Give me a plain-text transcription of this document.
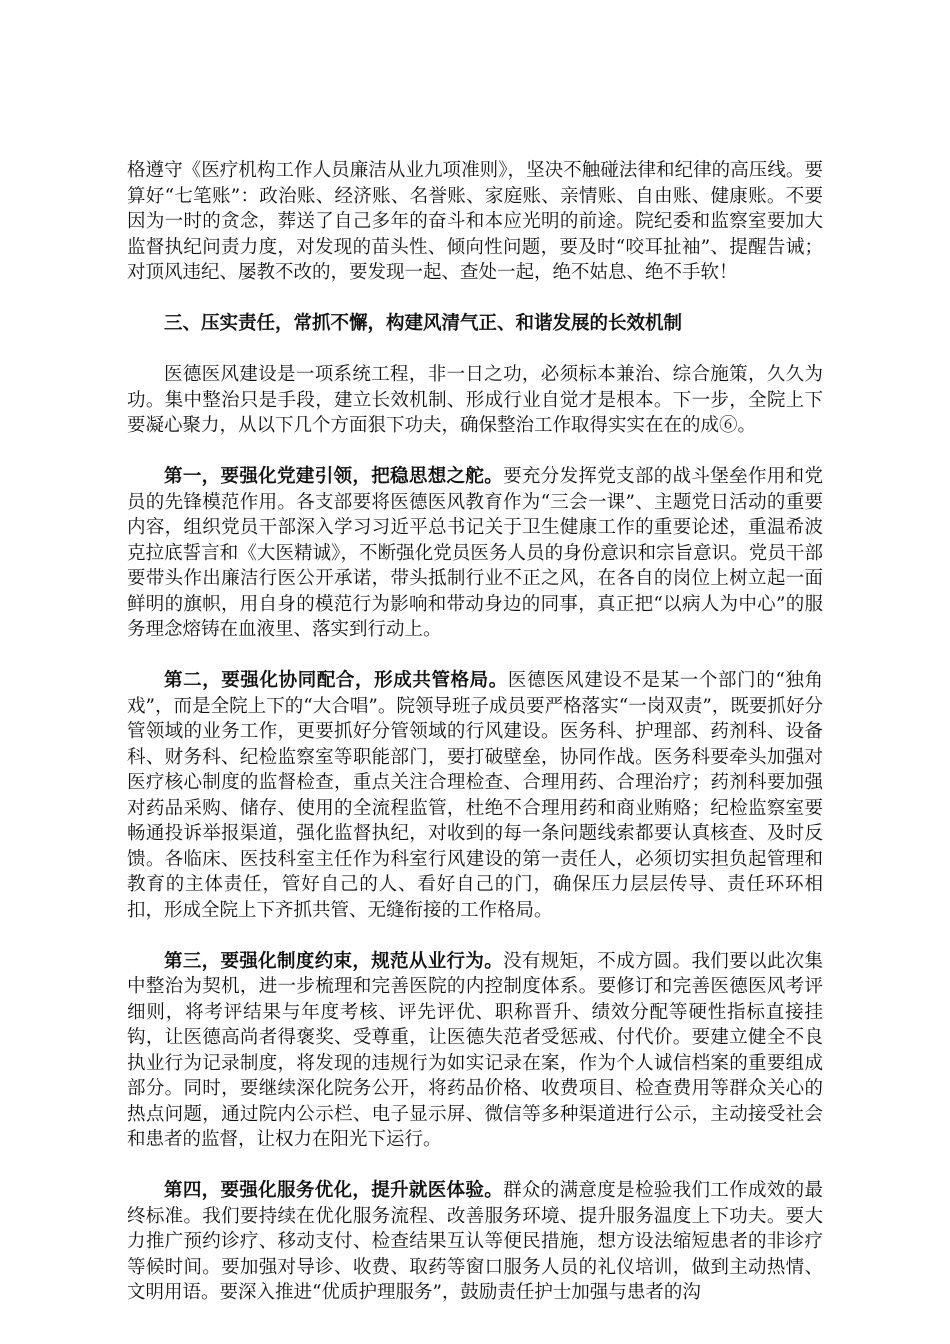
格遵守《医疗机构工作人员廉洁从业九项准则》，坚决不触碰法律和纪律的高压线。要算好“七笔账”：政治账、经济账、名誉账、家庭账、亲情账、自由账、健康账。不要因为一时的贪念，葬送了自己多年的奋斗和本应光明的前途。院纪委和监察室要加大监督执纪问责力度，对发现的苗头性、倾向性问题，要及时“咬耳扯袖”、提醒告诫；对顶风违纪、屡教不改的，要发现一起、查处一起，绝不姑息、绝不手软！

三、压实责任，常抓不懈，构建风清气正、和谐发展的长效机制

医德医风建设是一项系统工程，非一日之功，必须标本兼治、综合施策，久久为功。集中整治只是手段，建立长效机制、形成行业自觉才是根本。下一步，全院上下要凝心聚力，从以下几个方面狠下功夫，确保整治工作取得实实在在的成⑥。

第一，要强化党建引领，把稳思想之舵。要充分发挥党支部的战斗堡垒作用和党员的先锋模范作用。各支部要将医德医风教育作为“三会一课”、主题党日活动的重要内容，组织党员干部深入学习习近平总书记关于卫生健康工作的重要论述，重温希波克拉底誓言和《大医精诚》，不断强化党员医务人员的身份意识和宗旨意识。党员干部要带头作出廉洁行医公开承诺，带头抵制行业不正之风，在各自的岗位上树立起一面鲜明的旗帜，用自身的模范行为影响和带动身边的同事，真正把“以病人为中心”的服务理念熔铸在血液里、落实到行动上。

第二，要强化协同配合，形成共管格局。医德医风建设不是某一个部门的“独角戏”，而是全院上下的“大合唱”。院领导班子成员要严格落实“一岗双责”，既要抓好分管领域的业务工作，更要抓好分管领域的行风建设。医务科、护理部、药剂科、设备科、财务科、纪检监察室等职能部门，要打破壁垒，协同作战。医务科要牵头加强对医疗核心制度的监督检查，重点关注合理检查、合理用药、合理治疗；药剂科要加强对药品采购、储存、使用的全流程监管，杜绝不合理用药和商业贿赂；纪检监察室要畅通投诉举报渠道，强化监督执纪，对收到的每一条问题线索都要认真核查、及时反馈。各临床、医技科室主任作为科室行风建设的第一责任人，必须切实担负起管理和教育的主体责任，管好自己的人、看好自己的门，确保压力层层传导、责任环环相扣，形成全院上下齐抓共管、无缝衔接的工作格局。

第三，要强化制度约束，规范从业行为。没有规矩，不成方圆。我们要以此次集中整治为契机，进一步梳理和完善医院的内控制度体系。要修订和完善医德医风考评细则，将考评结果与年度考核、评先评优、职称晋升、绩效分配等硬性指标直接挂钩，让医德高尚者得褒奖、受尊重，让医德失范者受惩戒、付代价。要建立健全不良执业行为记录制度，将发现的违规行为如实记录在案，作为个人诚信档案的重要组成部分。同时，要继续深化院务公开，将药品价格、收费项目、检查费用等群众关心的热点问题，通过院内公示栏、电子显示屏、微信等多种渠道进行公示，主动接受社会和患者的监督，让权力在阳光下运行。

第四，要强化服务优化，提升就医体验。群众的满意度是检验我们工作成效的最终标准。我们要持续在优化服务流程、改善服务环境、提升服务温度上下功夫。要大力推广预约诊疗、移动支付、检查结果互认等便民措施，想方设法缩短患者的非诊疗等候时间。要加强对导诊、收费、取药等窗口服务人员的礼仪培训，做到主动热情、文明用语。要深入推进“优质护理服务”，鼓励责任护士加强与患者的沟
